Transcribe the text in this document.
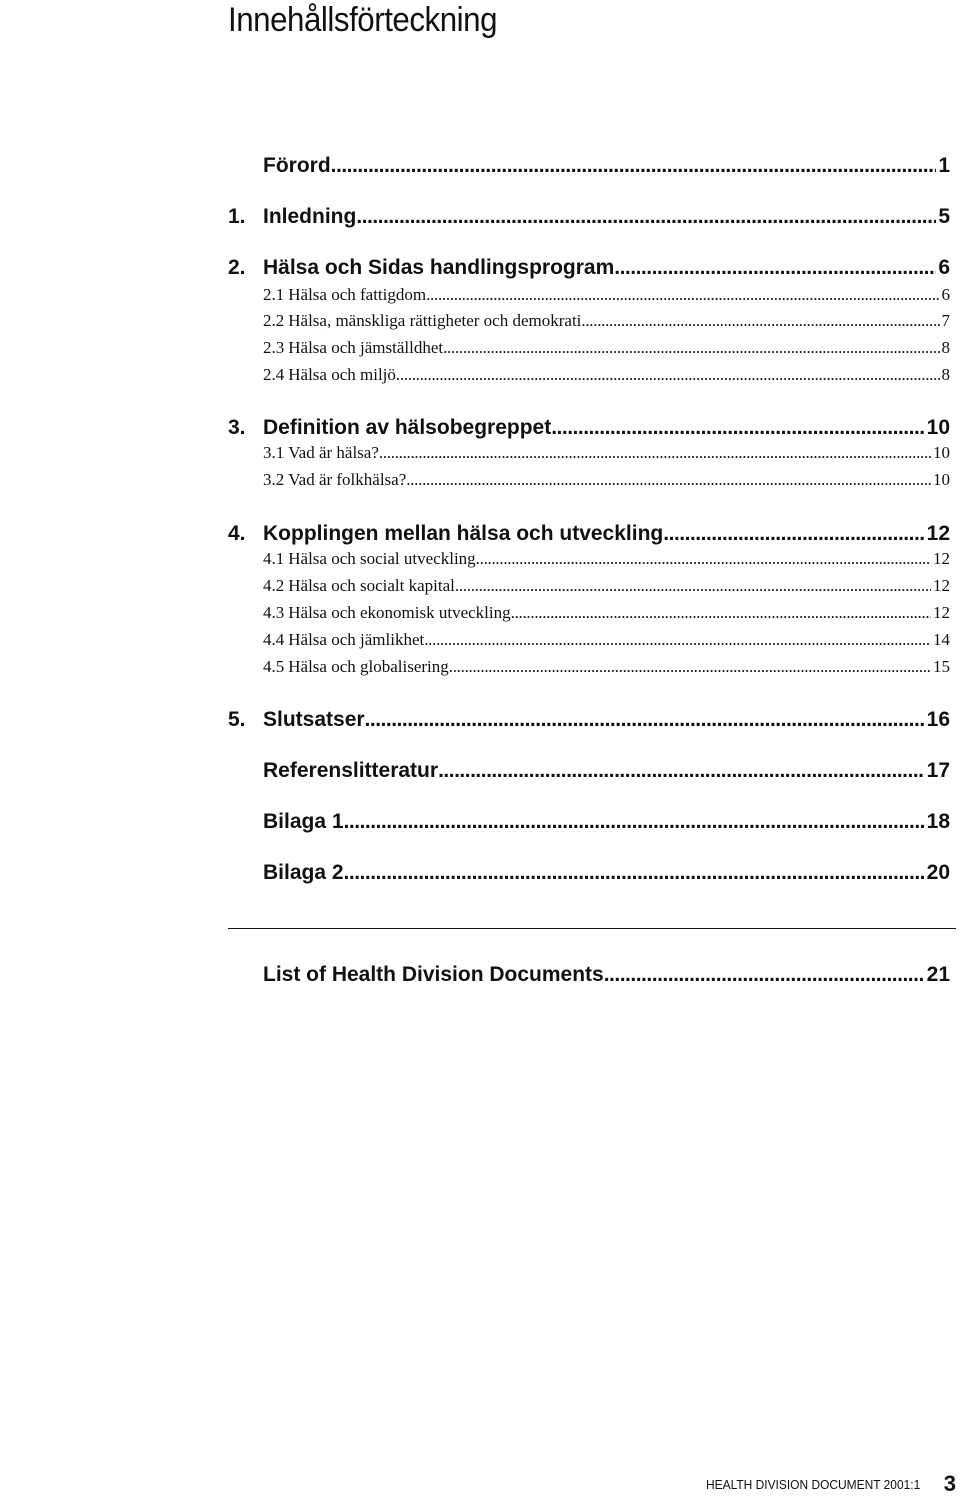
Innehållsförteckning
Förord .....	1
1. Inledning .....	5
2. Hälsa och Sidas handlingsprogram .....	6
2.1 Hälsa och fattigdom .....	6
2.2 Hälsa, mänskliga rättigheter och demokrati .....	7
2.3 Hälsa och jämställdhet .....	8
2.4 Hälsa och miljö .....	8
3. Definition av hälsobegreppet .....	10
3.1 Vad är hälsa? .....	10
3.2 Vad är folkhälsa? .....	10
4. Kopplingen mellan hälsa och utveckling .....	12
4.1 Hälsa och social utveckling .....	12
4.2 Hälsa och socialt kapital .....	12
4.3 Hälsa och ekonomisk utveckling .....	12
4.4 Hälsa och jämlikhet .....	14
4.5 Hälsa och globalisering .....	15
5. Slutsatser .....	16
Referenslitteratur .....	17
Bilaga 1 .....	18
Bilaga 2 .....	20
List of Health Division Documents .....	21
HEALTH DIVISION DOCUMENT 2001:1 3
